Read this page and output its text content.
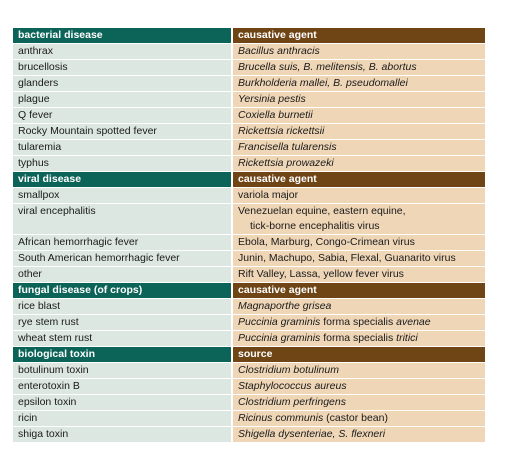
bacterial disease	causative agent
anthrax	Bacillus anthracis
brucellosis	Brucella suis, B. melitensis, B. abortus
glanders	Burkholderia mallei, B. pseudomallei
plague	Yersinia pestis
Q fever	Coxiella burnetii
Rocky Mountain spotted fever	Rickettsia rickettsii
tularemia	Francisella tularensis
typhus	Rickettsia prowazeki
viral disease	causative agent
smallpox	variola major
viral encephalitis	Venezuelan equine, eastern equine,
tick-borne encephalitis virus
African hemorrhagic fever	Ebola, Marburg, Congo-Crimean virus
South American hemorrhagic fever	Junin, Machupo, Sabia, Flexal, Guanarito virus
other	Rift Valley, Lassa, yellow fever virus
fungal disease (of crops)	causative agent
rice blast	Magnaporthe grisea
rye stem rust	Puccinia graminis forma specialis avenae
wheat stem rust	Puccinia graminis forma specialis tritici
biological toxin	source
botulinum toxin	Clostridium botulinum
enterotoxin B	Staphylococcus aureus
epsilon toxin	Clostridium perfringens
ricin	Ricinus communis (castor bean)
shiga toxin	Shigella dysenteriae, S. flexneri
